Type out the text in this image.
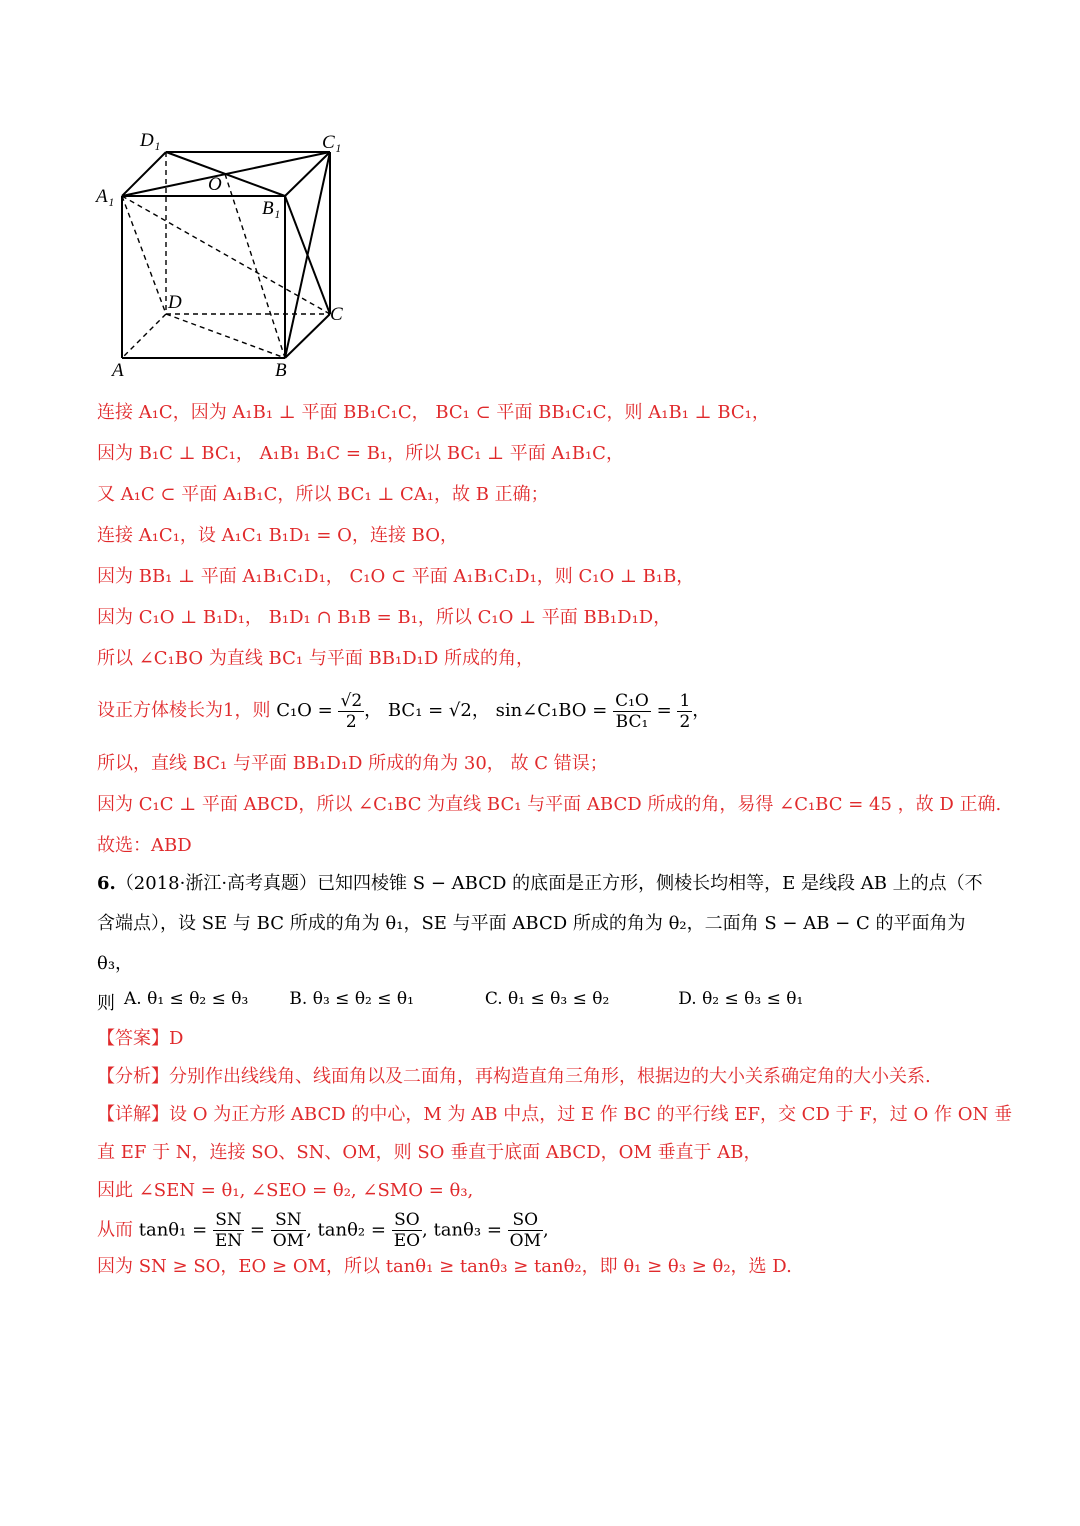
D₁	C₁
A₁
B₁
O
D
C
A	B
连接 A₁C，因为 A₁B₁ ⊥ 平面 BB₁C₁C， BC₁ ⊂ 平面 BB₁C₁C，则 A₁B₁ ⊥ BC₁，
因为 B₁C ⊥ BC₁， A₁B₁ B₁C = B₁，所以 BC₁ ⊥ 平面 A₁B₁C，
又 A₁C ⊂ 平面 A₁B₁C，所以 BC₁ ⊥ CA₁，故 B 正确；
连接 A₁C₁，设 A₁C₁ B₁D₁ = O，连接 BO，
因为 BB₁ ⊥ 平面 A₁B₁C₁D₁， C₁O ⊂ 平面 A₁B₁C₁D₁，则 C₁O ⊥ B₁B，
因为 C₁O ⊥ B₁D₁， B₁D₁ ∩ B₁B = B₁，所以 C₁O ⊥ 平面 BB₁D₁D，
所以 ∠C₁BO 为直线 BC₁ 与平面 BB₁D₁D 所成的角，
设正方体棱长为1，则 $C_1O = \frac{√2}{2}$ ， BC₁ = √2， sin∠C₁BO = $\frac{\text{C₁O}}{\text{BC₁}} = \frac{1}{2}$ ，
所以，直线 BC₁ 与平面 BB₁D₁D 所成的角为 30， 故 C 错误；
因为 C₁C ⊥ 平面 ABCD，所以 ∠C₁BC 为直线 BC₁ 与平面 ABCD 所成的角，易得 ∠C₁BC = 45 ，故 D 正确.
故选：ABD
6.（2018·浙江·高考真题）已知四棱锥 S − ABCD 的底面是正方形，侧棱长均相等，E 是线段 AB 上的点（不
含端点），设 SE 与 BC 所成的角为 θ₁，SE 与平面 ABCD 所成的角为 θ₂，二面角 S − AB − C 的平面角为 θ₃，
则 A. θ₁ ≤ θ₂ ≤ θ₃ B. θ₃ ≤ θ₂ ≤ θ₁	C. θ₁ ≤ θ₃ ≤ θ₂	D. θ₂ ≤ θ₃ ≤ θ₁
【答案】D
【分析】分别作出线线角、线面角以及二面角，再构造直角三角形，根据边的大小关系确定角的大小关系.
【详解】设 O 为正方形 ABCD 的中心，M 为 AB 中点，过 E 作 BC 的平行线 EF，交 CD 于 F，过 O 作 ON 垂
直 EF 于 N，连接 SO、SN、OM，则 SO 垂直于底面 ABCD，OM 垂直于 AB，
因此 ∠SEN = θ₁, ∠SEO = θ₂, ∠SMO = θ₃,
从而 $\tan\theta_1 = \frac{SN}{EN} = \frac{SN}{OM}$ , $\tan\theta_2 = \frac{SO}{EO}$ , $\tan\theta_3 = \frac{SO}{OM}$ ,
因为 SN ≥ SO，EO ≥ OM，所以 tanθ₁ ≥ tanθ₃ ≥ tanθ₂，即 θ₁ ≥ θ₃ ≥ θ₂，选 D.
